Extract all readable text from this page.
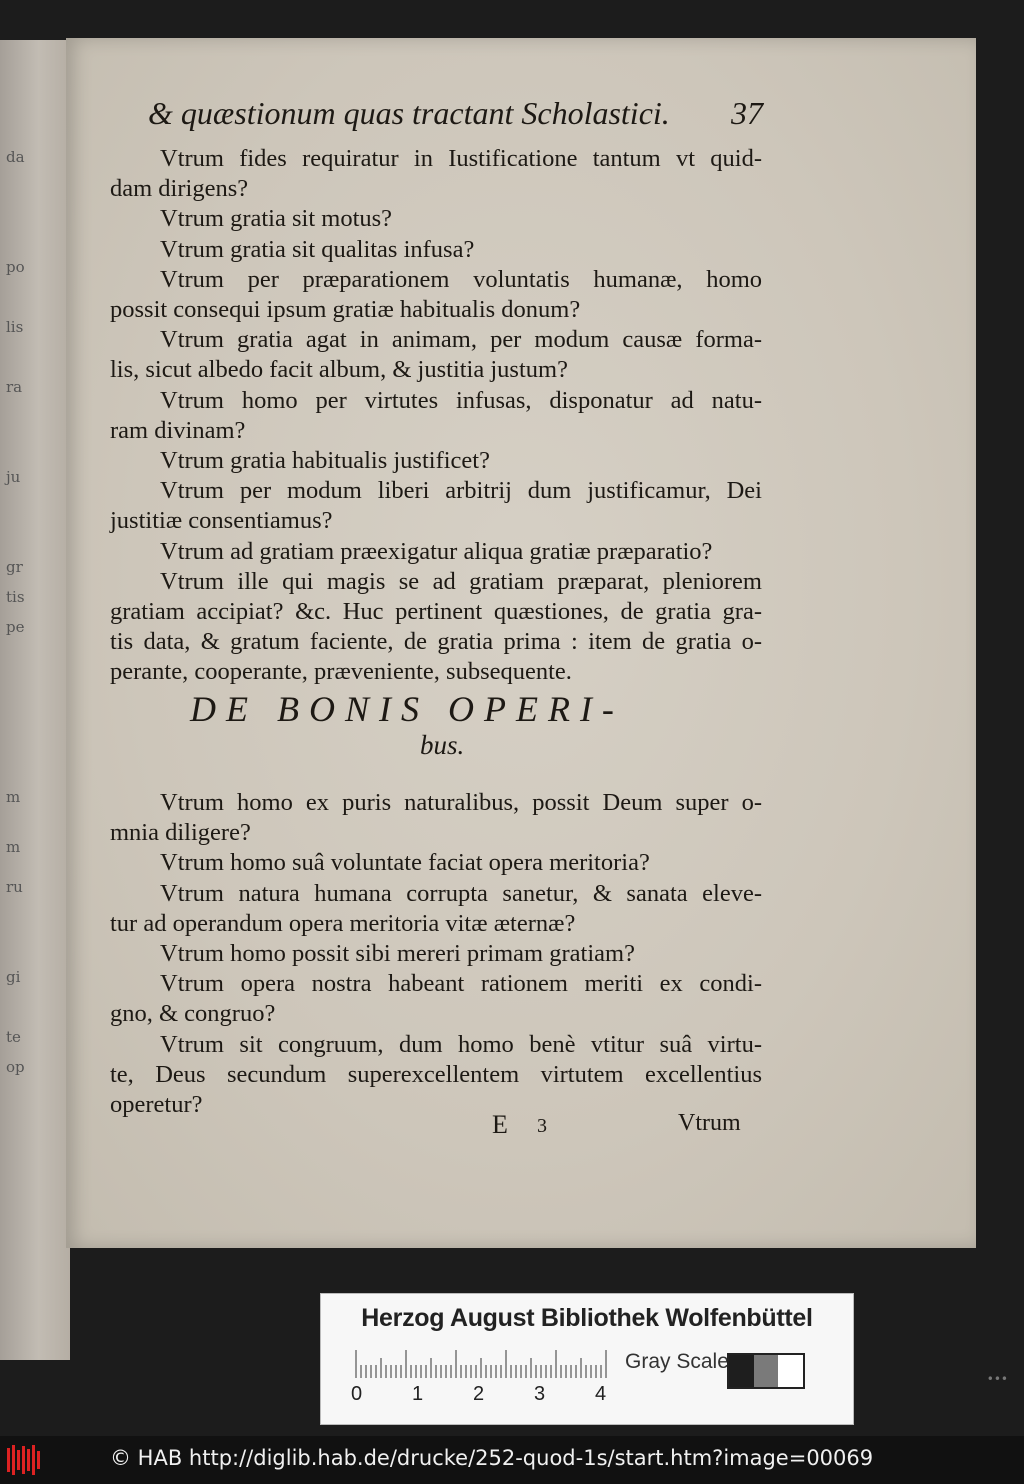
da
po
lis
ra
ju
gr
tis
pe
m
m
ru
gi
te
op
& quæstionum quas tractant Scholastici. 37
Vtrum fides requiratur in Iustificatione tantum vt quid-
dam dirigens?
Vtrum gratia sit motus?
Vtrum gratia sit qualitas infusa?
Vtrum per præparationem voluntatis humanæ, homo
possit consequi ipsum gratiæ habitualis donum?
Vtrum gratia agat in animam, per modum causæ forma-
lis, sicut albedo facit album, & justitia justum?
Vtrum homo per virtutes infusas, disponatur ad natu-
ram divinam?
Vtrum gratia habitualis justificet?
Vtrum per modum liberi arbitrij dum justificamur, Dei
justitiæ consentiamus?
Vtrum ad gratiam præexigatur aliqua gratiæ præparatio?
Vtrum ille qui magis se ad gratiam præparat, pleniorem
gratiam accipiat? &c. Huc pertinent quæstiones, de gratia gra-
tis data, & gratum faciente, de gratia prima : item de gratia o-
perante, cooperante, præveniente, subsequente.
DE BONIS OPERI-
bus.
Vtrum homo ex puris naturalibus, possit Deum super o-
mnia diligere?
Vtrum homo suâ voluntate faciat opera meritoria?
Vtrum natura humana corrupta sanetur, & sanata eleve-
tur ad operandum opera meritoria vitæ æternæ?
Vtrum homo possit sibi mereri primam gratiam?
Vtrum opera nostra habeant rationem meriti ex condi-
gno, & congruo?
Vtrum sit congruum, dum homo benè vtitur suâ virtu-
te, Deus secundum superexcellentem virtutem excellentius
operetur?
E 3	Vtrum
Herzog August Bibliothek Wolfenbüttel
0 1 2 3 4
Gray Scale
•••
© HAB http://diglib.hab.de/drucke/252-quod-1s/start.htm?image=00069
